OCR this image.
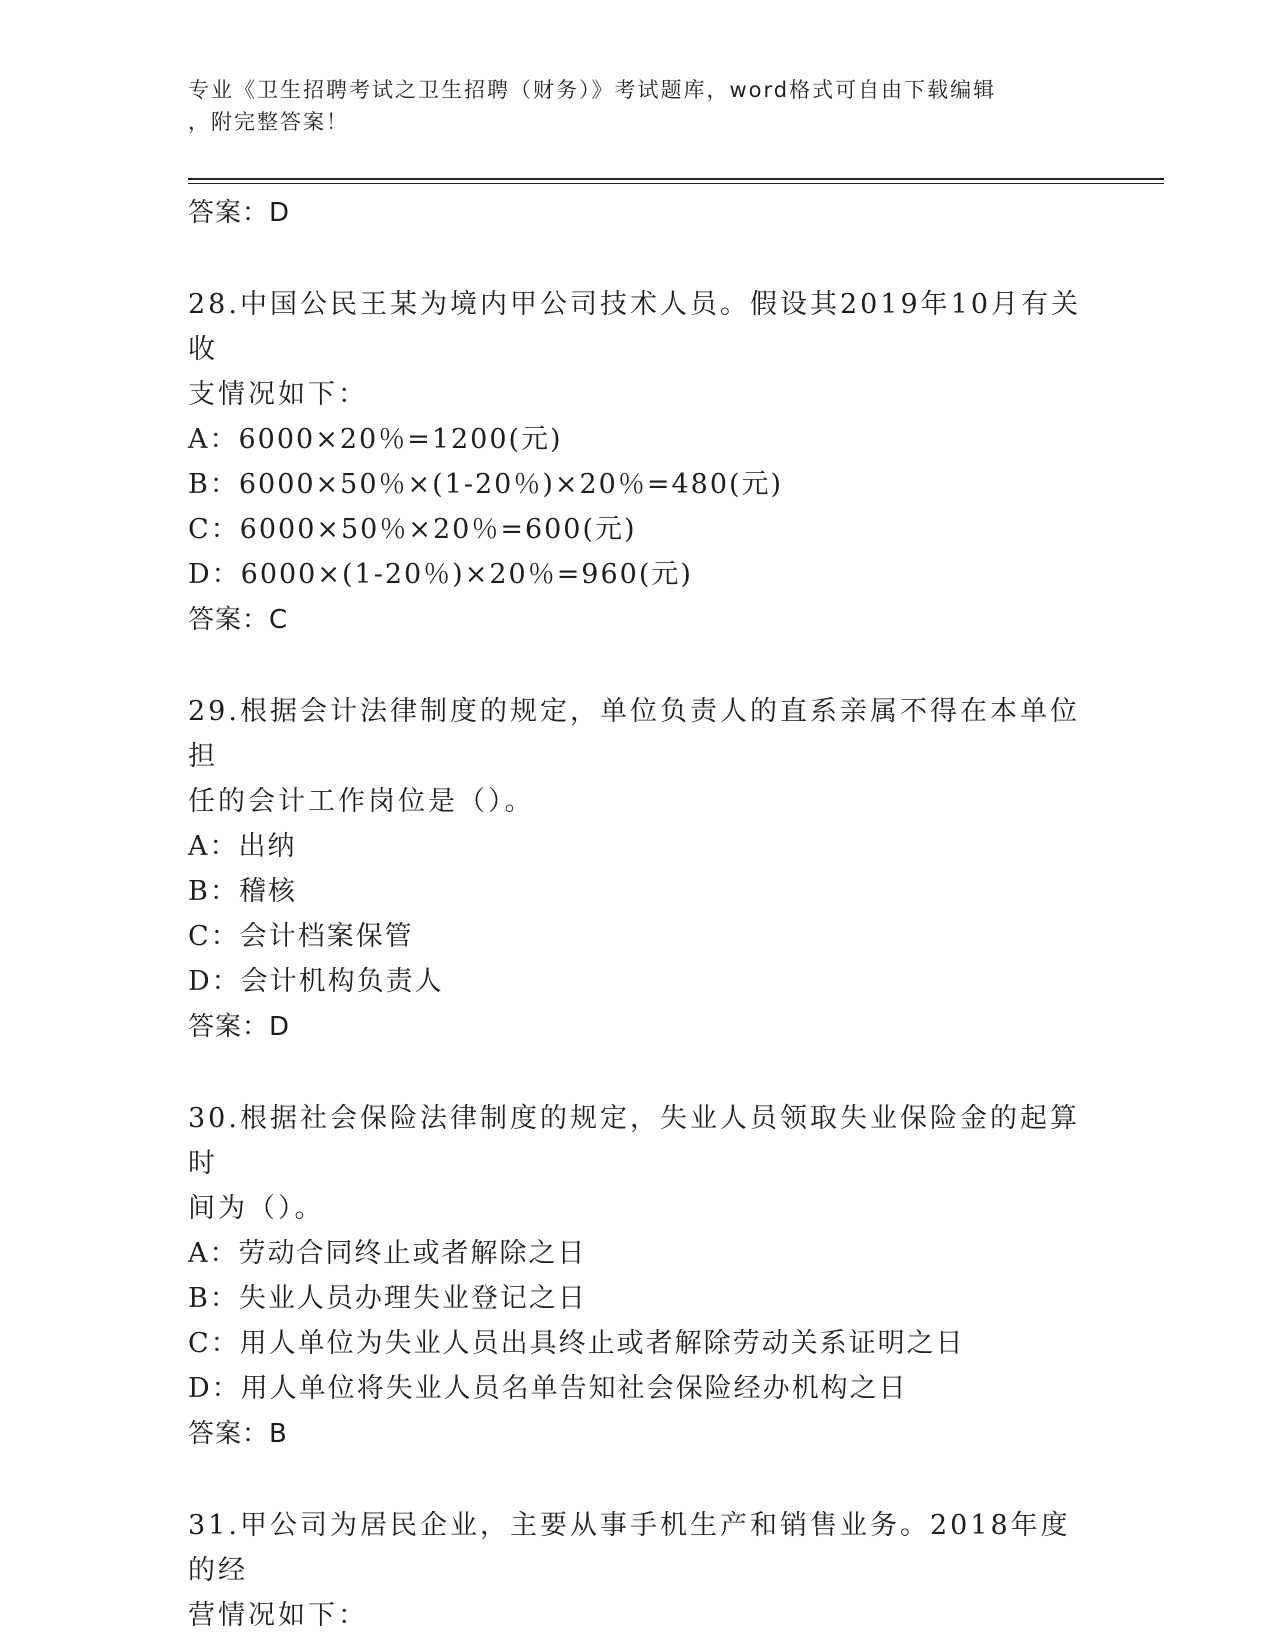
专业《卫生招聘考试之卫生招聘（财务）》考试题库，word格式可自由下载编辑
，附完整答案！

答案：D

28.中国公民王某为境内甲公司技术人员。假设其2019年10月有关收

支情况如下：

A：6000×20％=1200(元)

B：6000×50％×(1-20％)×20％=480(元)

C：6000×50％×20％=600(元)

D：6000×(1-20％)×20％=960(元)

答案：C

29.根据会计法律制度的规定，单位负责人的直系亲属不得在本单位担

任的会计工作岗位是（）。

A：出纳

B：稽核

C：会计档案保管

D：会计机构负责人

答案：D

30.根据社会保险法律制度的规定，失业人员领取失业保险金的起算时

间为（）。

A：劳动合同终止或者解除之日

B：失业人员办理失业登记之日

C：用人单位为失业人员出具终止或者解除劳动关系证明之日

D：用人单位将失业人员名单告知社会保险经办机构之日

答案：B

31.甲公司为居民企业，主要从事手机生产和销售业务。2018年度的经

营情况如下：
